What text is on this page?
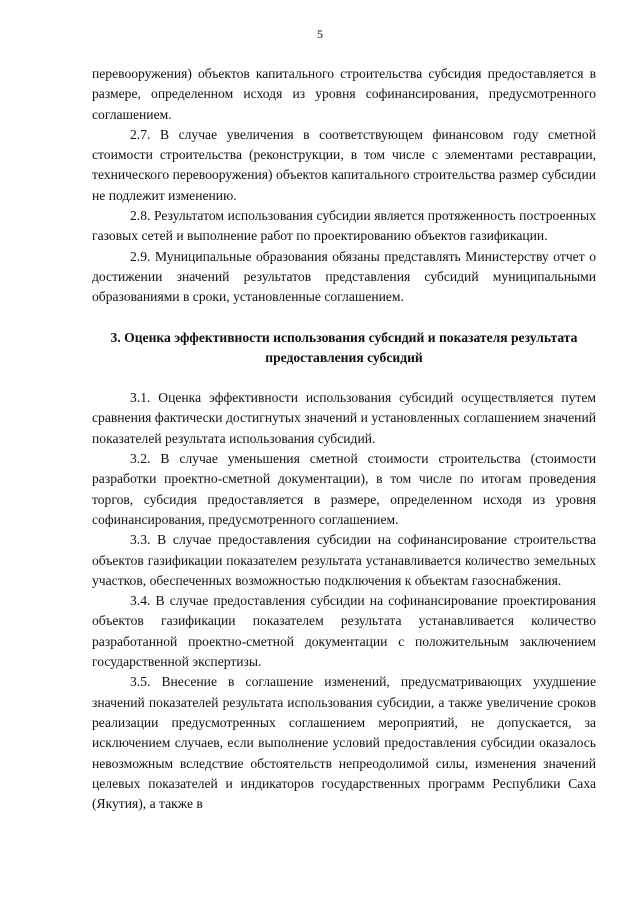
5

перевооружения) объектов капитального строительства субсидия предоставляется в размере, определенном исходя из уровня софинансирования, предусмотренного соглашением.

2.7. В случае увеличения в соответствующем финансовом году сметной стоимости строительства (реконструкции, в том числе с элементами реставрации, технического перевооружения) объектов капитального строительства размер субсидии не подлежит изменению.

2.8. Результатом использования субсидии является протяженность построенных газовых сетей и выполнение работ по проектированию объектов газификации.

2.9. Муниципальные образования обязаны представлять Министерству отчет о достижении значений результатов представления субсидий муниципальными образованиями в сроки, установленные соглашением.

3. Оценка эффективности использования субсидий и показателя результата предоставления субсидий

3.1. Оценка эффективности использования субсидий осуществляется путем сравнения фактически достигнутых значений и установленных соглашением значений показателей результата использования субсидий.

3.2. В случае уменьшения сметной стоимости строительства (стоимости разработки проектно-сметной документации), в том числе по итогам проведения торгов, субсидия предоставляется в размере, определенном исходя из уровня софинансирования, предусмотренного соглашением.

3.3. В случае предоставления субсидии на софинансирование строительства объектов газификации показателем результата устанавливается количество земельных участков, обеспеченных возможностью подключения к объектам газоснабжения.

3.4. В случае предоставления субсидии на софинансирование проектирования объектов газификации показателем результата устанавливается количество разработанной проектно-сметной документации с положительным заключением государственной экспертизы.

3.5. Внесение в соглашение изменений, предусматривающих ухудшение значений показателей результата использования субсидии, а также увеличение сроков реализации предусмотренных соглашением мероприятий, не допускается, за исключением случаев, если выполнение условий предоставления субсидии оказалось невозможным вследствие обстоятельств непреодолимой силы, изменения значений целевых показателей и индикаторов государственных программ Республики Саха (Якутия), а также в
